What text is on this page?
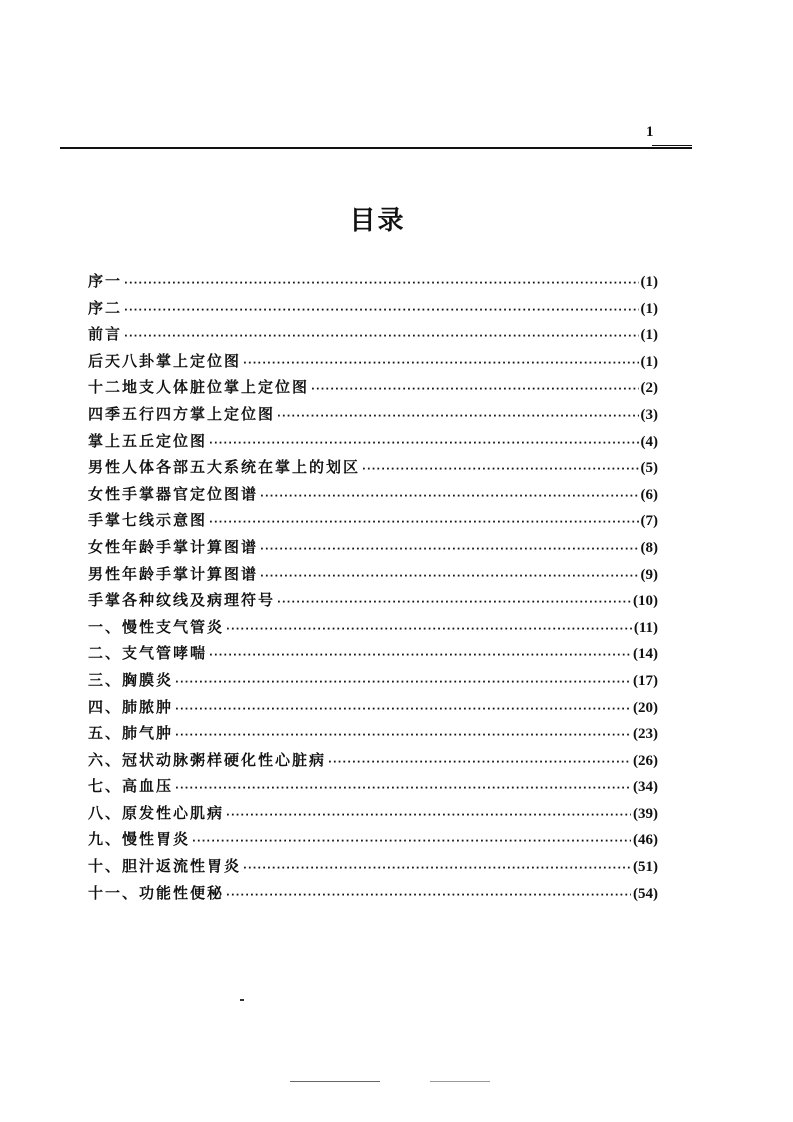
1
目录
序一 ·····	(1)
序二 ·····	(1)
前言 ·····	(1)
后天八卦掌上定位图 ·····	(1)
十二地支人体脏位掌上定位图 ·····	(2)
四季五行四方掌上定位图 ·····	(3)
掌上五丘定位图 ·····	(4)
男性人体各部五大系统在掌上的划区 ·····	(5)
女性手掌器官定位图谱 ·····	(6)
手掌七线示意图 ·····	(7)
女性年龄手掌计算图谱 ·····	(8)
男性年龄手掌计算图谱 ·····	(9)
手掌各种纹线及病理符号 ·····	(10)
一、慢性支气管炎 ·····	(11)
二、支气管哮喘 ·····	(14)
三、胸膜炎 ·····	(17)
四、肺脓肿 ·····	(20)
五、肺气肿 ·····	(23)
六、冠状动脉粥样硬化性心脏病 ·····	(26)
七、高血压 ·····	(34)
八、原发性心肌病 ·····	(39)
九、慢性胃炎 ·····	(46)
十、胆汁返流性胃炎 ·····	(51)
十一、功能性便秘 ·····	(54)
